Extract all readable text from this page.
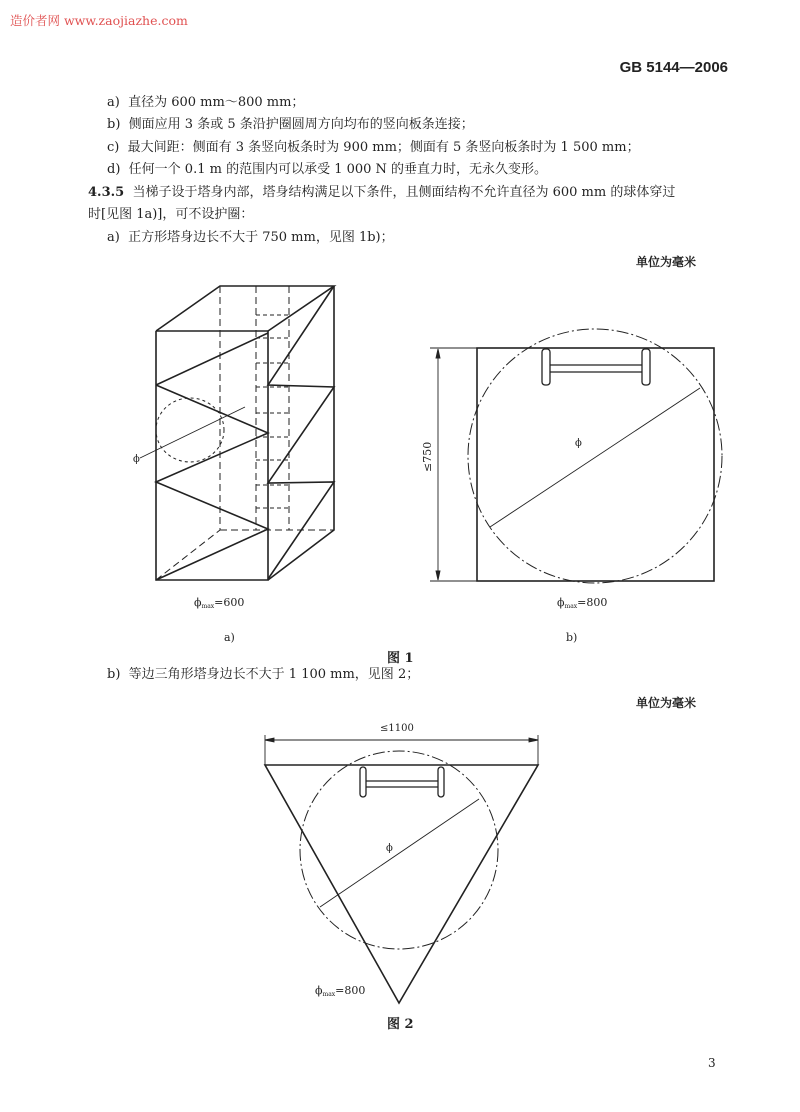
造价者网 www.zaojiazhe.com
GB 5144—2006
a) 直径为 600 mm～800 mm；
b) 侧面应用 3 条或 5 条沿护圈圆周方向均布的竖向板条连接；
c) 最大间距：侧面有 3 条竖向板条时为 900 mm；侧面有 5 条竖向板条时为 1 500 mm；
d) 任何一个 0.1 m 的范围内可以承受 1 000 N 的垂直力时，无永久变形。
4.3.5 当梯子设于塔身内部，塔身结构满足以下条件，且侧面结构不允许直径为 600 mm 的球体穿过
时[见图 1a)]，可不设护圈：
a) 正方形塔身边长不大于 750 mm，见图 1b)；
单位为毫米
b) 等边三角形塔身边长不大于 1 100 mm，见图 2；
单位为毫米
ϕ
ϕmax=600
a)
≤750	ϕ
ϕmax=800
b)
图 1
≤1100
ϕ
ϕmax=800
图 2
3
